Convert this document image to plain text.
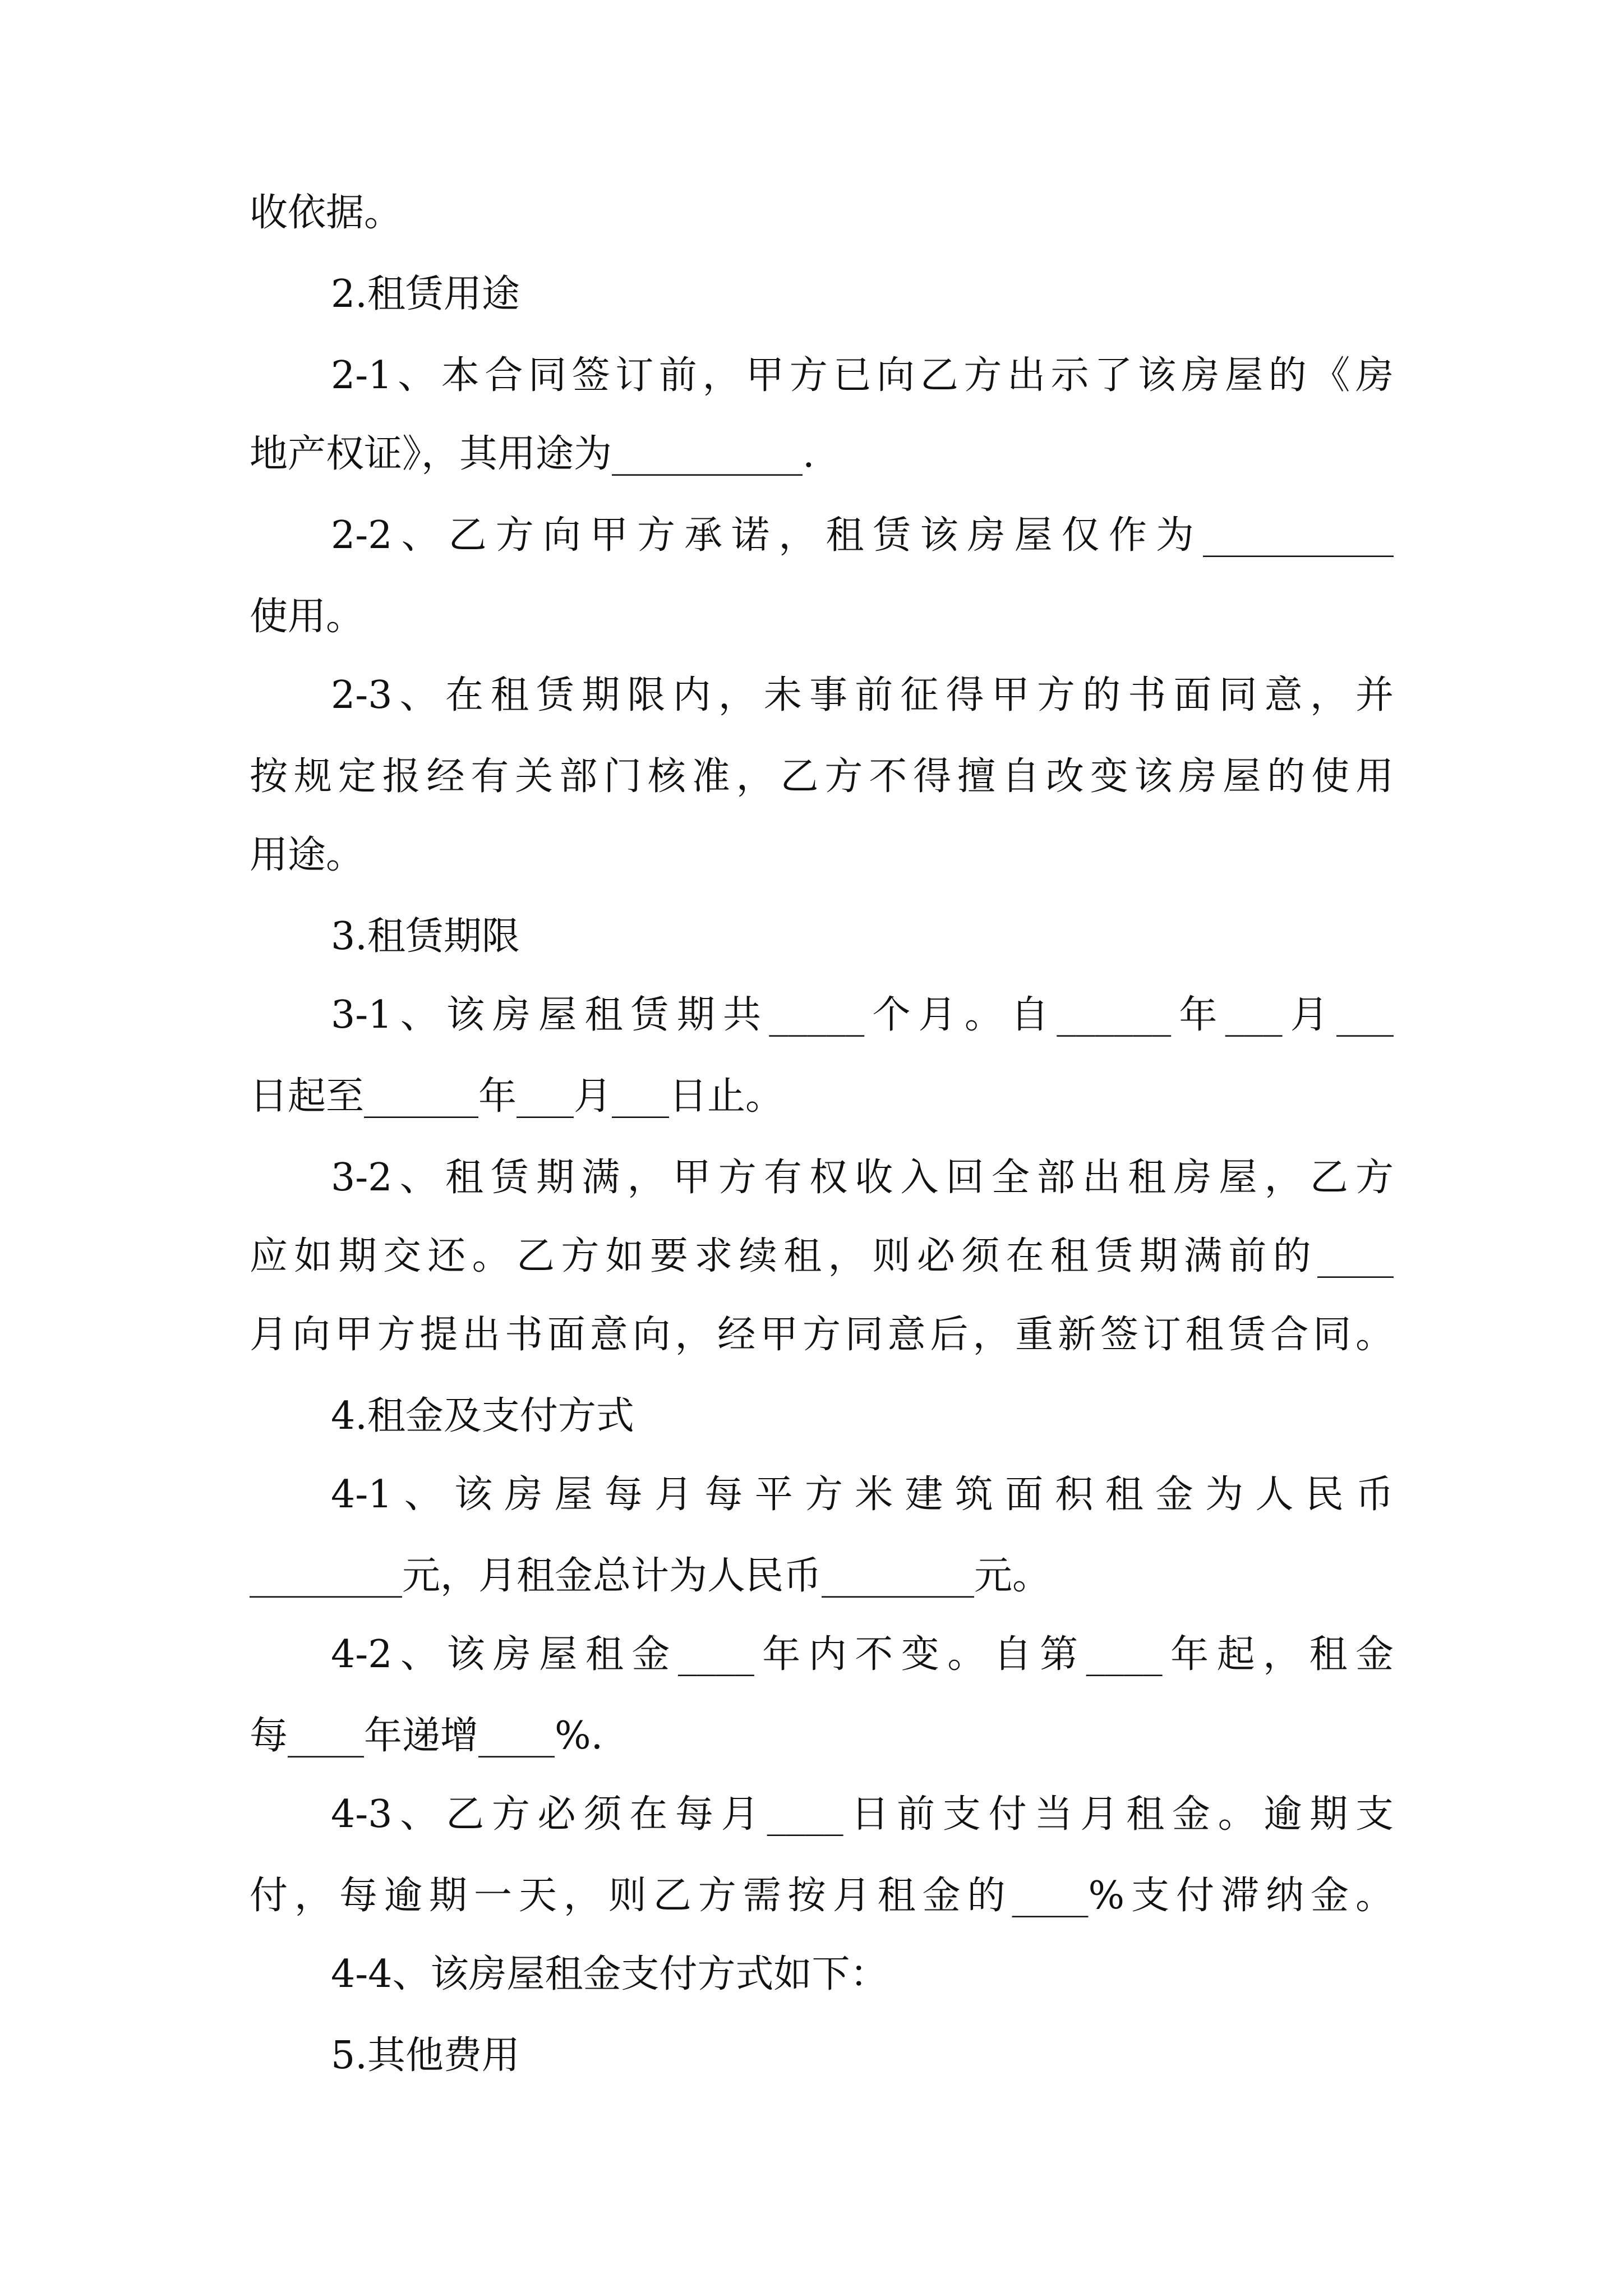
收依据。
2.租赁用途
2-1、本合同签订前，甲方已向乙方出示了该房屋的《房
地产权证》，其用途为__________.
2-2、乙方向甲方承诺，租赁该房屋仅作为__________
使用。
2-3、在租赁期限内，未事前征得甲方的书面同意，并
按规定报经有关部门核准，乙方不得擅自改变该房屋的使用
用途。
3.租赁期限
3-1、该房屋租赁期共_____个月。自______年___月___
日起至______年___月___日止。
3-2、租赁期满，甲方有权收入回全部出租房屋，乙方
应如期交还。乙方如要求续租，则必须在租赁期满前的____
月向甲方提出书面意向，经甲方同意后，重新签订租赁合同。
4.租金及支付方式
4-1、该房屋每月每平方米建筑面积租金为人民币
________元，月租金总计为人民币________元。
4-2、该房屋租金____年内不变。自第____年起，租金
每____年递增____%.
4-3、乙方必须在每月____日前支付当月租金。逾期支
付，每逾期一天，则乙方需按月租金的____%支付滞纳金。
4-4、该房屋租金支付方式如下：
5.其他费用
